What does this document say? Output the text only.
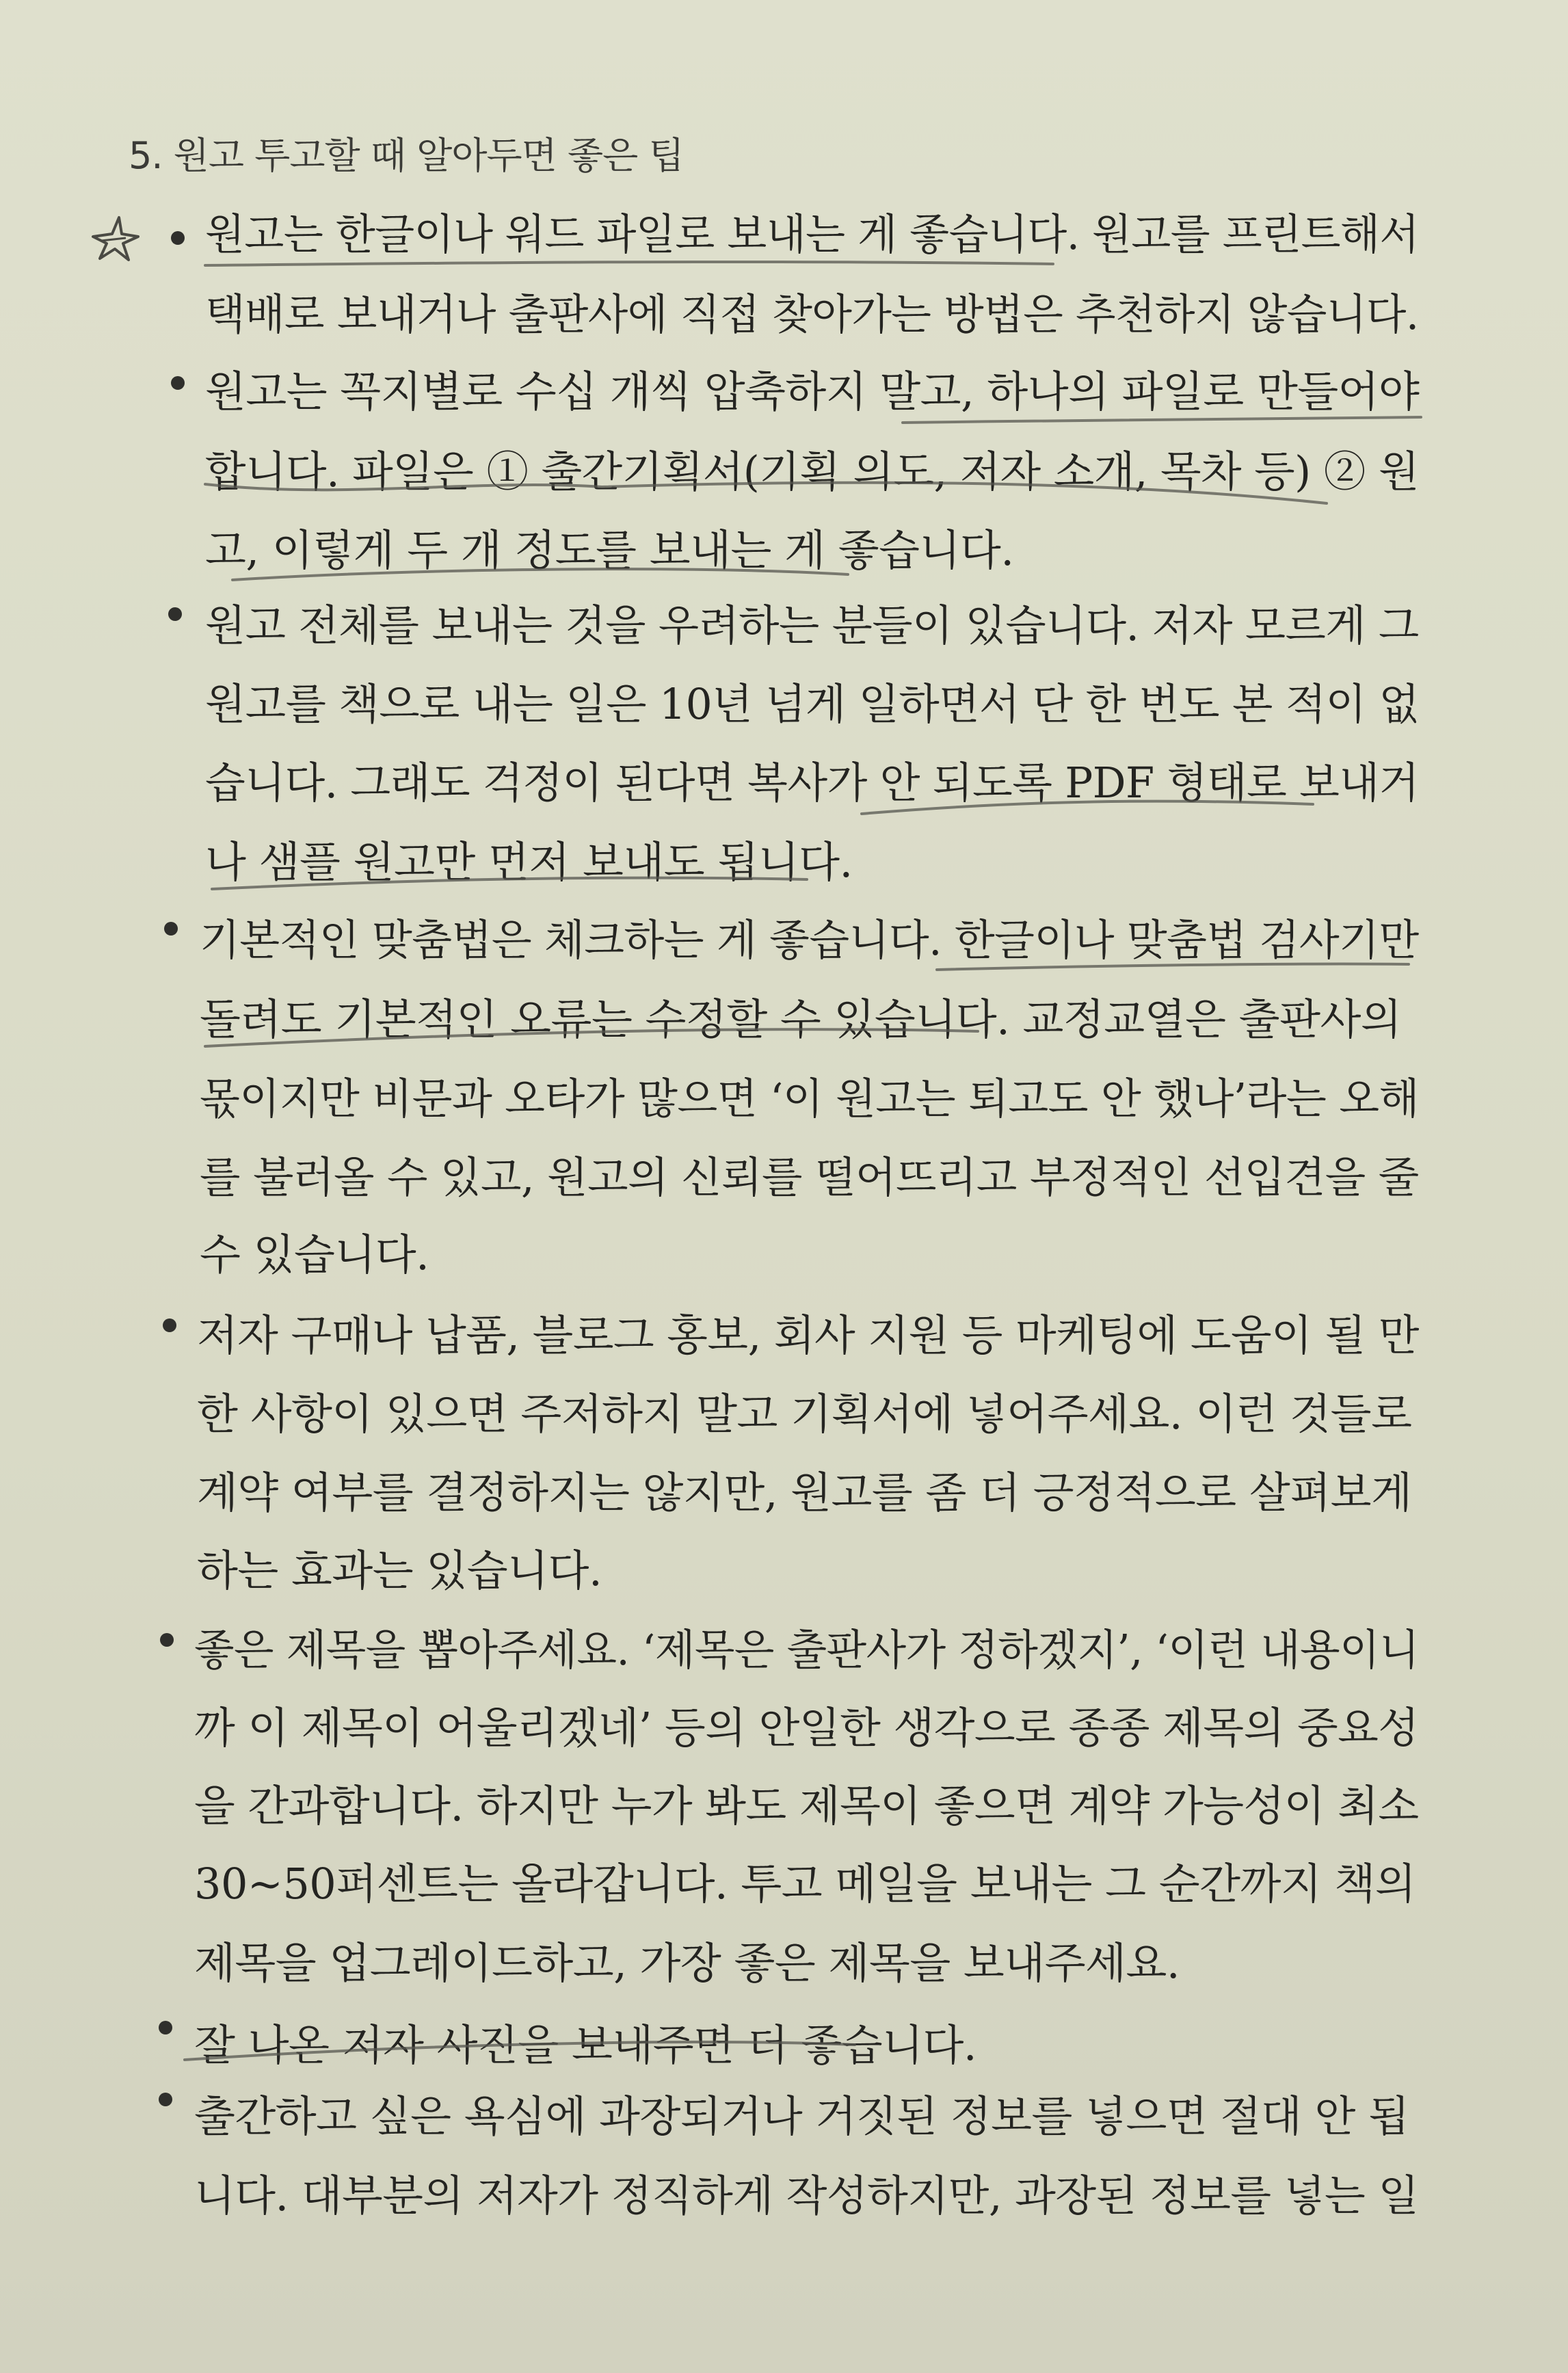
5. 원고 투고할 때 알아두면 좋은 팁
원고는 한글이나 워드 파일로 보내는 게 좋습니다. 원고를 프린트해서
택배로 보내거나 출판사에 직접 찾아가는 방법은 추천하지 않습니다.
원고는 꼭지별로 수십 개씩 압축하지 말고, 하나의 파일로 만들어야
합니다. 파일은 ① 출간기획서(기획 의도, 저자 소개, 목차 등) ② 원
고, 이렇게 두 개 정도를 보내는 게 좋습니다.
원고 전체를 보내는 것을 우려하는 분들이 있습니다. 저자 모르게 그
원고를 책으로 내는 일은 10년 넘게 일하면서 단 한 번도 본 적이 없
습니다. 그래도 걱정이 된다면 복사가 안 되도록 PDF 형태로 보내거
나 샘플 원고만 먼저 보내도 됩니다.
기본적인 맞춤법은 체크하는 게 좋습니다. 한글이나 맞춤법 검사기만
돌려도 기본적인 오류는 수정할 수 있습니다. 교정교열은 출판사의
몫이지만 비문과 오타가 많으면 ‘이 원고는 퇴고도 안 했나’라는 오해
를 불러올 수 있고, 원고의 신뢰를 떨어뜨리고 부정적인 선입견을 줄
수 있습니다.
저자 구매나 납품, 블로그 홍보, 회사 지원 등 마케팅에 도움이 될 만
한 사항이 있으면 주저하지 말고 기획서에 넣어주세요. 이런 것들로
계약 여부를 결정하지는 않지만, 원고를 좀 더 긍정적으로 살펴보게
하는 효과는 있습니다.
좋은 제목을 뽑아주세요. ‘제목은 출판사가 정하겠지’, ‘이런 내용이니
까 이 제목이 어울리겠네’ 등의 안일한 생각으로 종종 제목의 중요성
을 간과합니다. 하지만 누가 봐도 제목이 좋으면 계약 가능성이 최소
30~50퍼센트는 올라갑니다. 투고 메일을 보내는 그 순간까지 책의
제목을 업그레이드하고, 가장 좋은 제목을 보내주세요.
잘 나온 저자 사진을 보내주면 더 좋습니다.
출간하고 싶은 욕심에 과장되거나 거짓된 정보를 넣으면 절대 안 됩
니다. 대부분의 저자가 정직하게 작성하지만, 과장된 정보를 넣는 일
